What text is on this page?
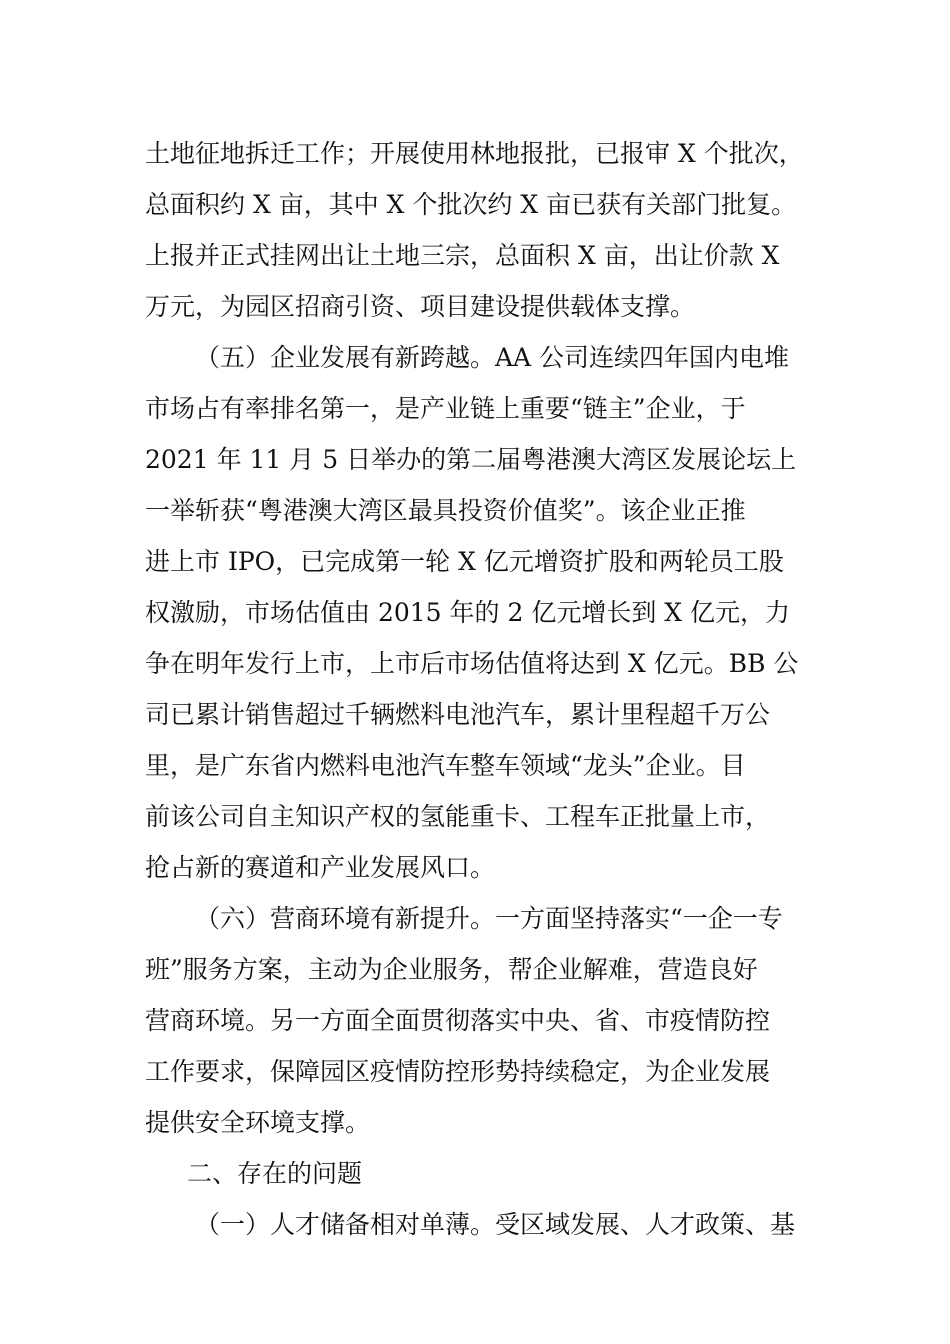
土地征地拆迁工作；开展使用林地报批，已报审 X 个批次，
总面积约 X 亩，其中 X 个批次约 X 亩已获有关部门批复。
上报并正式挂网出让土地三宗，总面积 X 亩，出让价款 X
万元，为园区招商引资、项目建设提供载体支撑。
（五）企业发展有新跨越。AA 公司连续四年国内电堆
市场占有率排名第一，是产业链上重要“链主”企业，于
2021 年 11 月 5 日举办的第二届粤港澳大湾区发展论坛上
一举斩获“粤港澳大湾区最具投资价值奖”。该企业正推
进上市 IPO，已完成第一轮 X 亿元增资扩股和两轮员工股
权激励，市场估值由 2015 年的 2 亿元增长到 X 亿元，力
争在明年发行上市，上市后市场估值将达到 X 亿元。BB 公
司已累计销售超过千辆燃料电池汽车，累计里程超千万公
里，是广东省内燃料电池汽车整车领域“龙头”企业。目
前该公司自主知识产权的氢能重卡、工程车正批量上市，
抢占新的赛道和产业发展风口。
（六）营商环境有新提升。一方面坚持落实“一企一专
班”服务方案，主动为企业服务，帮企业解难，营造良好
营商环境。另一方面全面贯彻落实中央、省、市疫情防控
工作要求，保障园区疫情防控形势持续稳定，为企业发展
提供安全环境支撑。
二、存在的问题
（一）人才储备相对单薄。受区域发展、人才政策、基
